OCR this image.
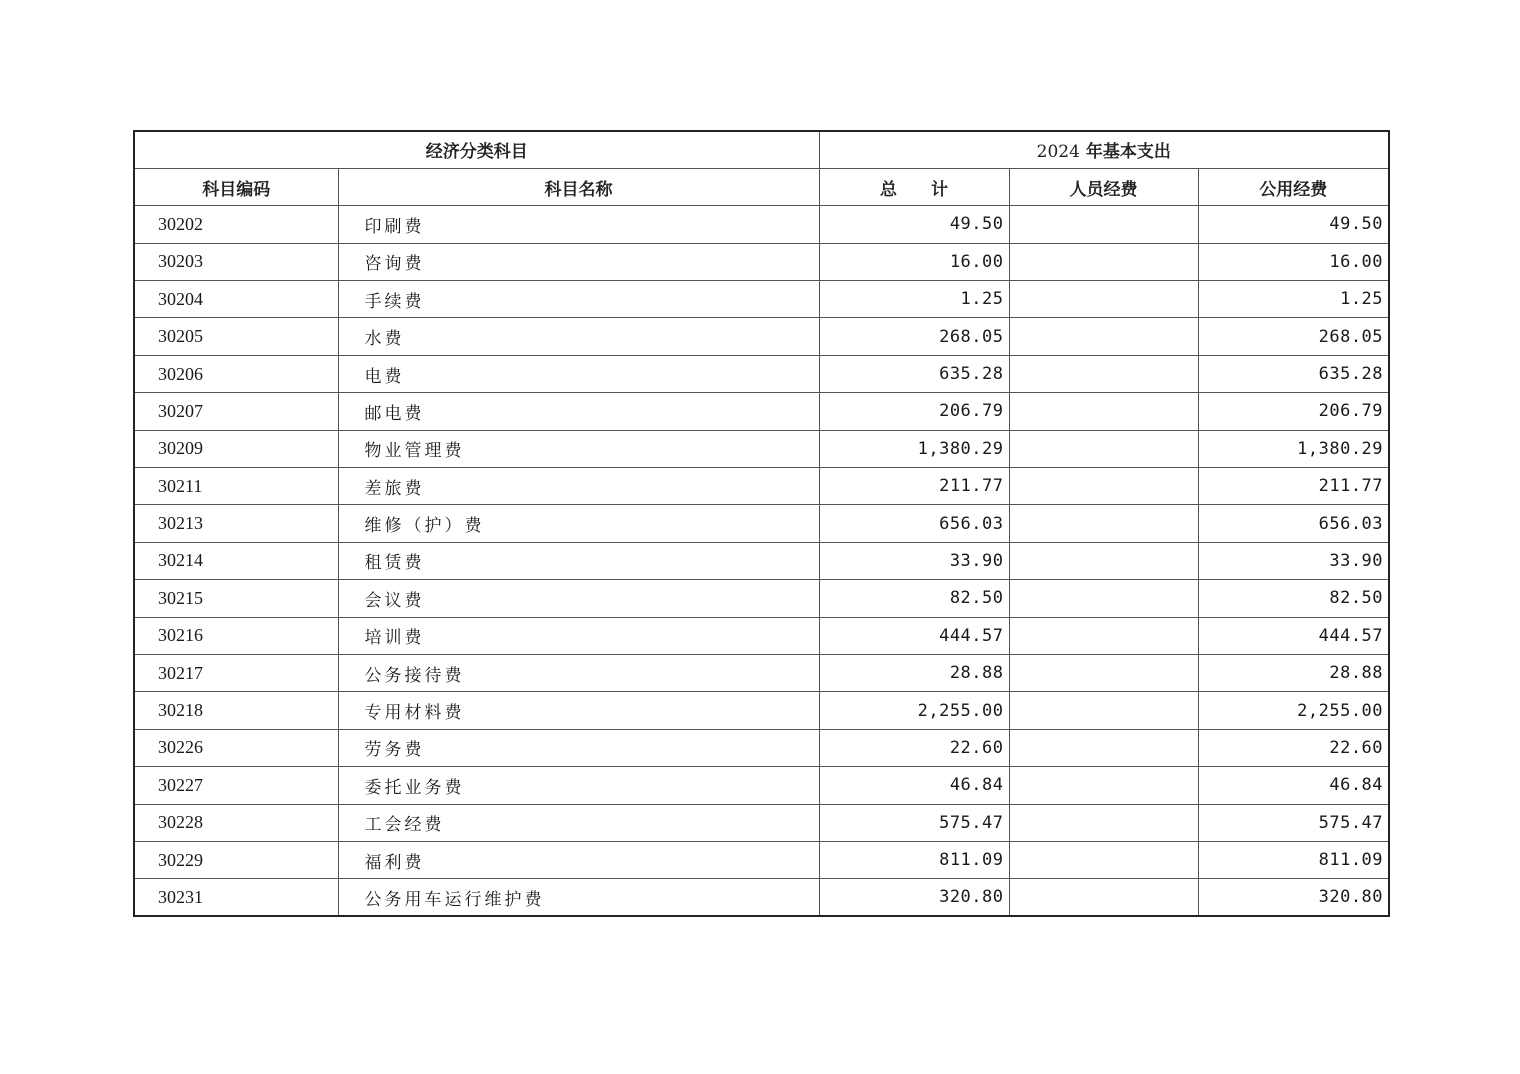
经济分类科目		2024 年基本支出		
科目编码	科目名称	总　　计	人员经费	公用经费
30202	印刷费	49.50		49.50
30203	咨询费	16.00		16.00
30204	手续费	1.25		1.25
30205	水费	268.05		268.05
30206	电费	635.28		635.28
30207	邮电费	206.79		206.79
30209	物业管理费	1,380.29		1,380.29
30211	差旅费	211.77		211.77
30213	维修（护）费	656.03		656.03
30214	租赁费	33.90		33.90
30215	会议费	82.50		82.50
30216	培训费	444.57		444.57
30217	公务接待费	28.88		28.88
30218	专用材料费	2,255.00		2,255.00
30226	劳务费	22.60		22.60
30227	委托业务费	46.84		46.84
30228	工会经费	575.47		575.47
30229	福利费	811.09		811.09
30231	公务用车运行维护费	320.80		320.80
